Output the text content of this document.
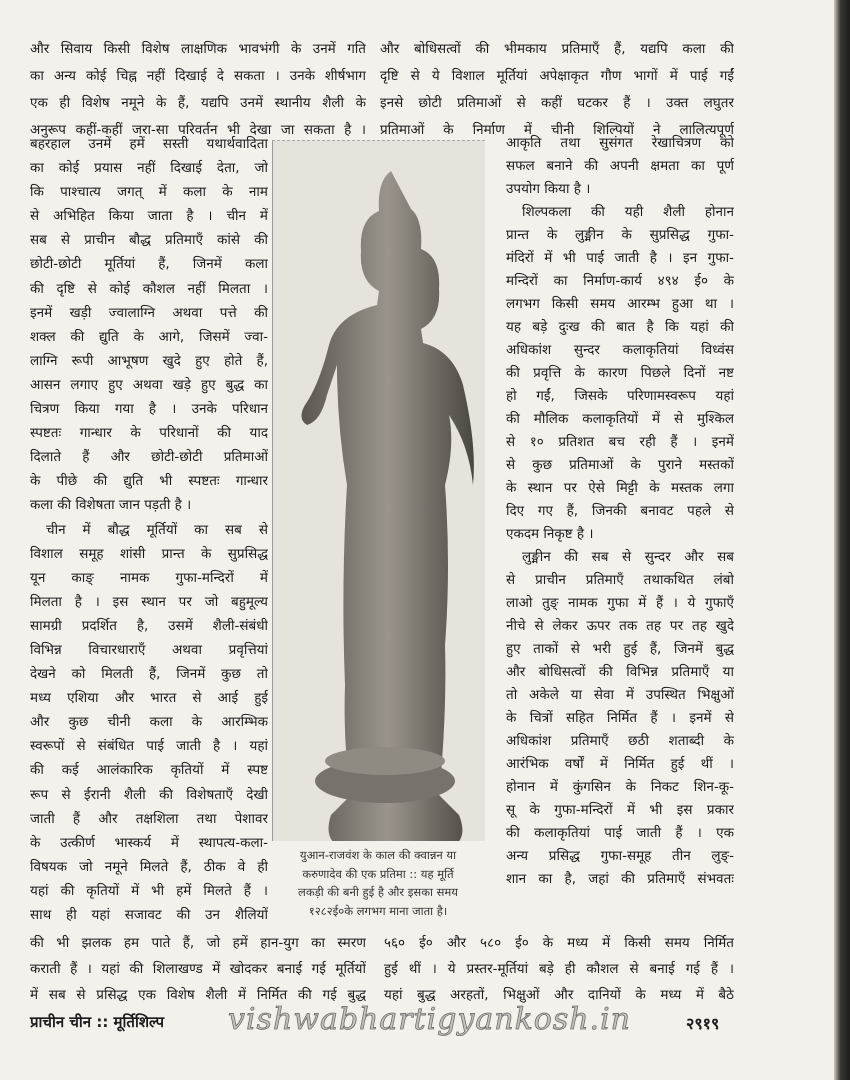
और सिवाय किसी विशेष लाक्षणिक भावभंगी के उनमें गति
का अन्य कोई चिह्न नहीं दिखाई दे सकता । उनके शीर्षभाग
एक ही विशेष नमूने के हैं, यद्यपि उनमें स्थानीय शैली के
अनुरूप कहीं-कहीं जरा-सा परिवर्तन भी देखा जा सकता है ।
बहरहाल उनमें हमें सस्ती यथार्थवादिता
का कोई प्रयास नहीं दिखाई देता, जो
कि पाश्चात्य जगत् में कला के नाम
से अभिहित किया जाता है । चीन में
सब से प्राचीन बौद्ध प्रतिमाएँ कांसे की
छोटी-छोटी मूर्तियां हैं, जिनमें कला
की दृष्टि से कोई कौशल नहीं मिलता ।
इनमें खड़ी ज्वालाग्नि अथवा पत्ते की
शक्ल की द्युति के आगे, जिसमें ज्वा-
लाग्नि रूपी आभूषण खुदे हुए होते हैं,
आसन लगाए हुए अथवा खड़े हुए बुद्ध का
चित्रण किया गया है । उनके परिधान
स्पष्टतः गान्धार के परिधानों की याद
दिलाते हैं और छोटी-छोटी प्रतिमाओं
के पीछे की द्युति भी स्पष्टतः गान्धार
कला की विशेषता जान पड़ती है ।
चीन में बौद्ध मूर्तियों का सब से
विशाल समूह शांसी प्रान्त के सुप्रसिद्ध
यून काङ् नामक गुफा-मन्दिरों में
मिलता है । इस स्थान पर जो बहुमूल्य
सामग्री प्रदर्शित है, उसमें शैली-संबंधी
विभिन्न विचारधाराएँ अथवा प्रवृत्तियां
देखने को मिलती हैं, जिनमें कुछ तो
मध्य एशिया और भारत से आई हुई
और कुछ चीनी कला के आरम्भिक
स्वरूपों से संबंधित पाई जाती है । यहां
की कई आलंकारिक कृतियों में स्पष्ट
रूप से ईरानी शैली की विशेषताएँ देखी
जाती हैं और तक्षशिला तथा पेशावर
के उत्कीर्ण भास्कर्य में स्थापत्य-कला-
विषयक जो नमूने मिलते हैं, ठीक वे ही
यहां की कृतियों में भी हमें मिलते हैं ।
साथ ही यहां सजावट की उन शैलियों
की भी झलक हम पाते हैं, जो हमें हान-युग का स्मरण
कराती हैं । यहां की शिलाखण्ड में खोदकर बनाई गई मूर्तियों
में सब से प्रसिद्ध एक विशेष शैली में निर्मित की गई बुद्ध
और बोधिसत्वों की भीमकाय प्रतिमाएँ हैं, यद्यपि कला की
दृष्टि से ये विशाल मूर्तियां अपेक्षाकृत गौण भागों में पाई गईं
इनसे छोटी प्रतिमाओं से कहीं घटकर हैं । उक्त लघुतर
प्रतिमाओं के निर्माण में चीनी शिल्पियों ने लालित्यपूर्ण
आकृति तथा सुसंगत रेखाचित्रण को
सफल बनाने की अपनी क्षमता का पूर्ण
उपयोग किया है ।
शिल्पकला की यही शैली होनान
प्रान्त के लुङ्मीन के सुप्रसिद्ध गुफा-
मंदिरों में भी पाई जाती है । इन गुफा-
मन्दिरों का निर्माण-कार्य ४९४ ई० के
लगभग किसी समय आरम्भ हुआ था ।
यह बड़े दुःख की बात है कि यहां की
अधिकांश सुन्दर कलाकृतियां विध्वंस
की प्रवृत्ति के कारण पिछले दिनों नष्ट
हो गईं, जिसके परिणामस्वरूप यहां
की मौलिक कलाकृतियों में से मुश्किल
से १० प्रतिशत बच रही हैं । इनमें
से कुछ प्रतिमाओं के पुराने मस्तकों
के स्थान पर ऐसे मिट्टी के मस्तक लगा
दिए गए हैं, जिनकी बनावट पहले से
एकदम निकृष्ट है ।
लुङ्मीन की सब से सुन्दर और सब
से प्राचीन प्रतिमाएँ तथाकथित लंबो
लाओ तुङ् नामक गुफा में हैं । ये गुफाएँ
नीचे से लेकर ऊपर तक तह पर तह खुदे
हुए ताकों से भरी हुई हैं, जिनमें बुद्ध
और बोधिसत्वों की विभिन्न प्रतिमाएँ या
तो अकेले या सेवा में उपस्थित भिक्षुओं
के चित्रों सहित निर्मित हैं । इनमें से
अधिकांश प्रतिमाएँ छठी शताब्दी के
आरंभिक वर्षों में निर्मित हुई थीं ।
होनान में कुंगसिन के निकट शिन-कू-
सू के गुफा-मन्दिरों में भी इस प्रकार
की कलाकृतियां पाई जाती हैं । एक
अन्य प्रसिद्ध गुफा-समूह तीन लुङ्-
शान का है, जहां की प्रतिमाएँ संभवतः
५६० ई० और ५८० ई० के मध्य में किसी समय निर्मित
हुई थीं । ये प्रस्तर-मूर्तियां बड़े ही कौशल से बनाई गई हैं ।
यहां बुद्ध अरहतों, भिक्षुओं और दानियों के मध्य में बैठे
युआन-राजवंश के काल की क्वान्नन या
करुणादेव की एक प्रतिमा :: यह मूर्ति
लकड़ी की बनी हुई है और इसका समय
१२८२ई०के लगभग माना जाता है।
प्राचीन चीन :: मूर्तिशिल्प vishwabhartigyankosh.in	२९१९
